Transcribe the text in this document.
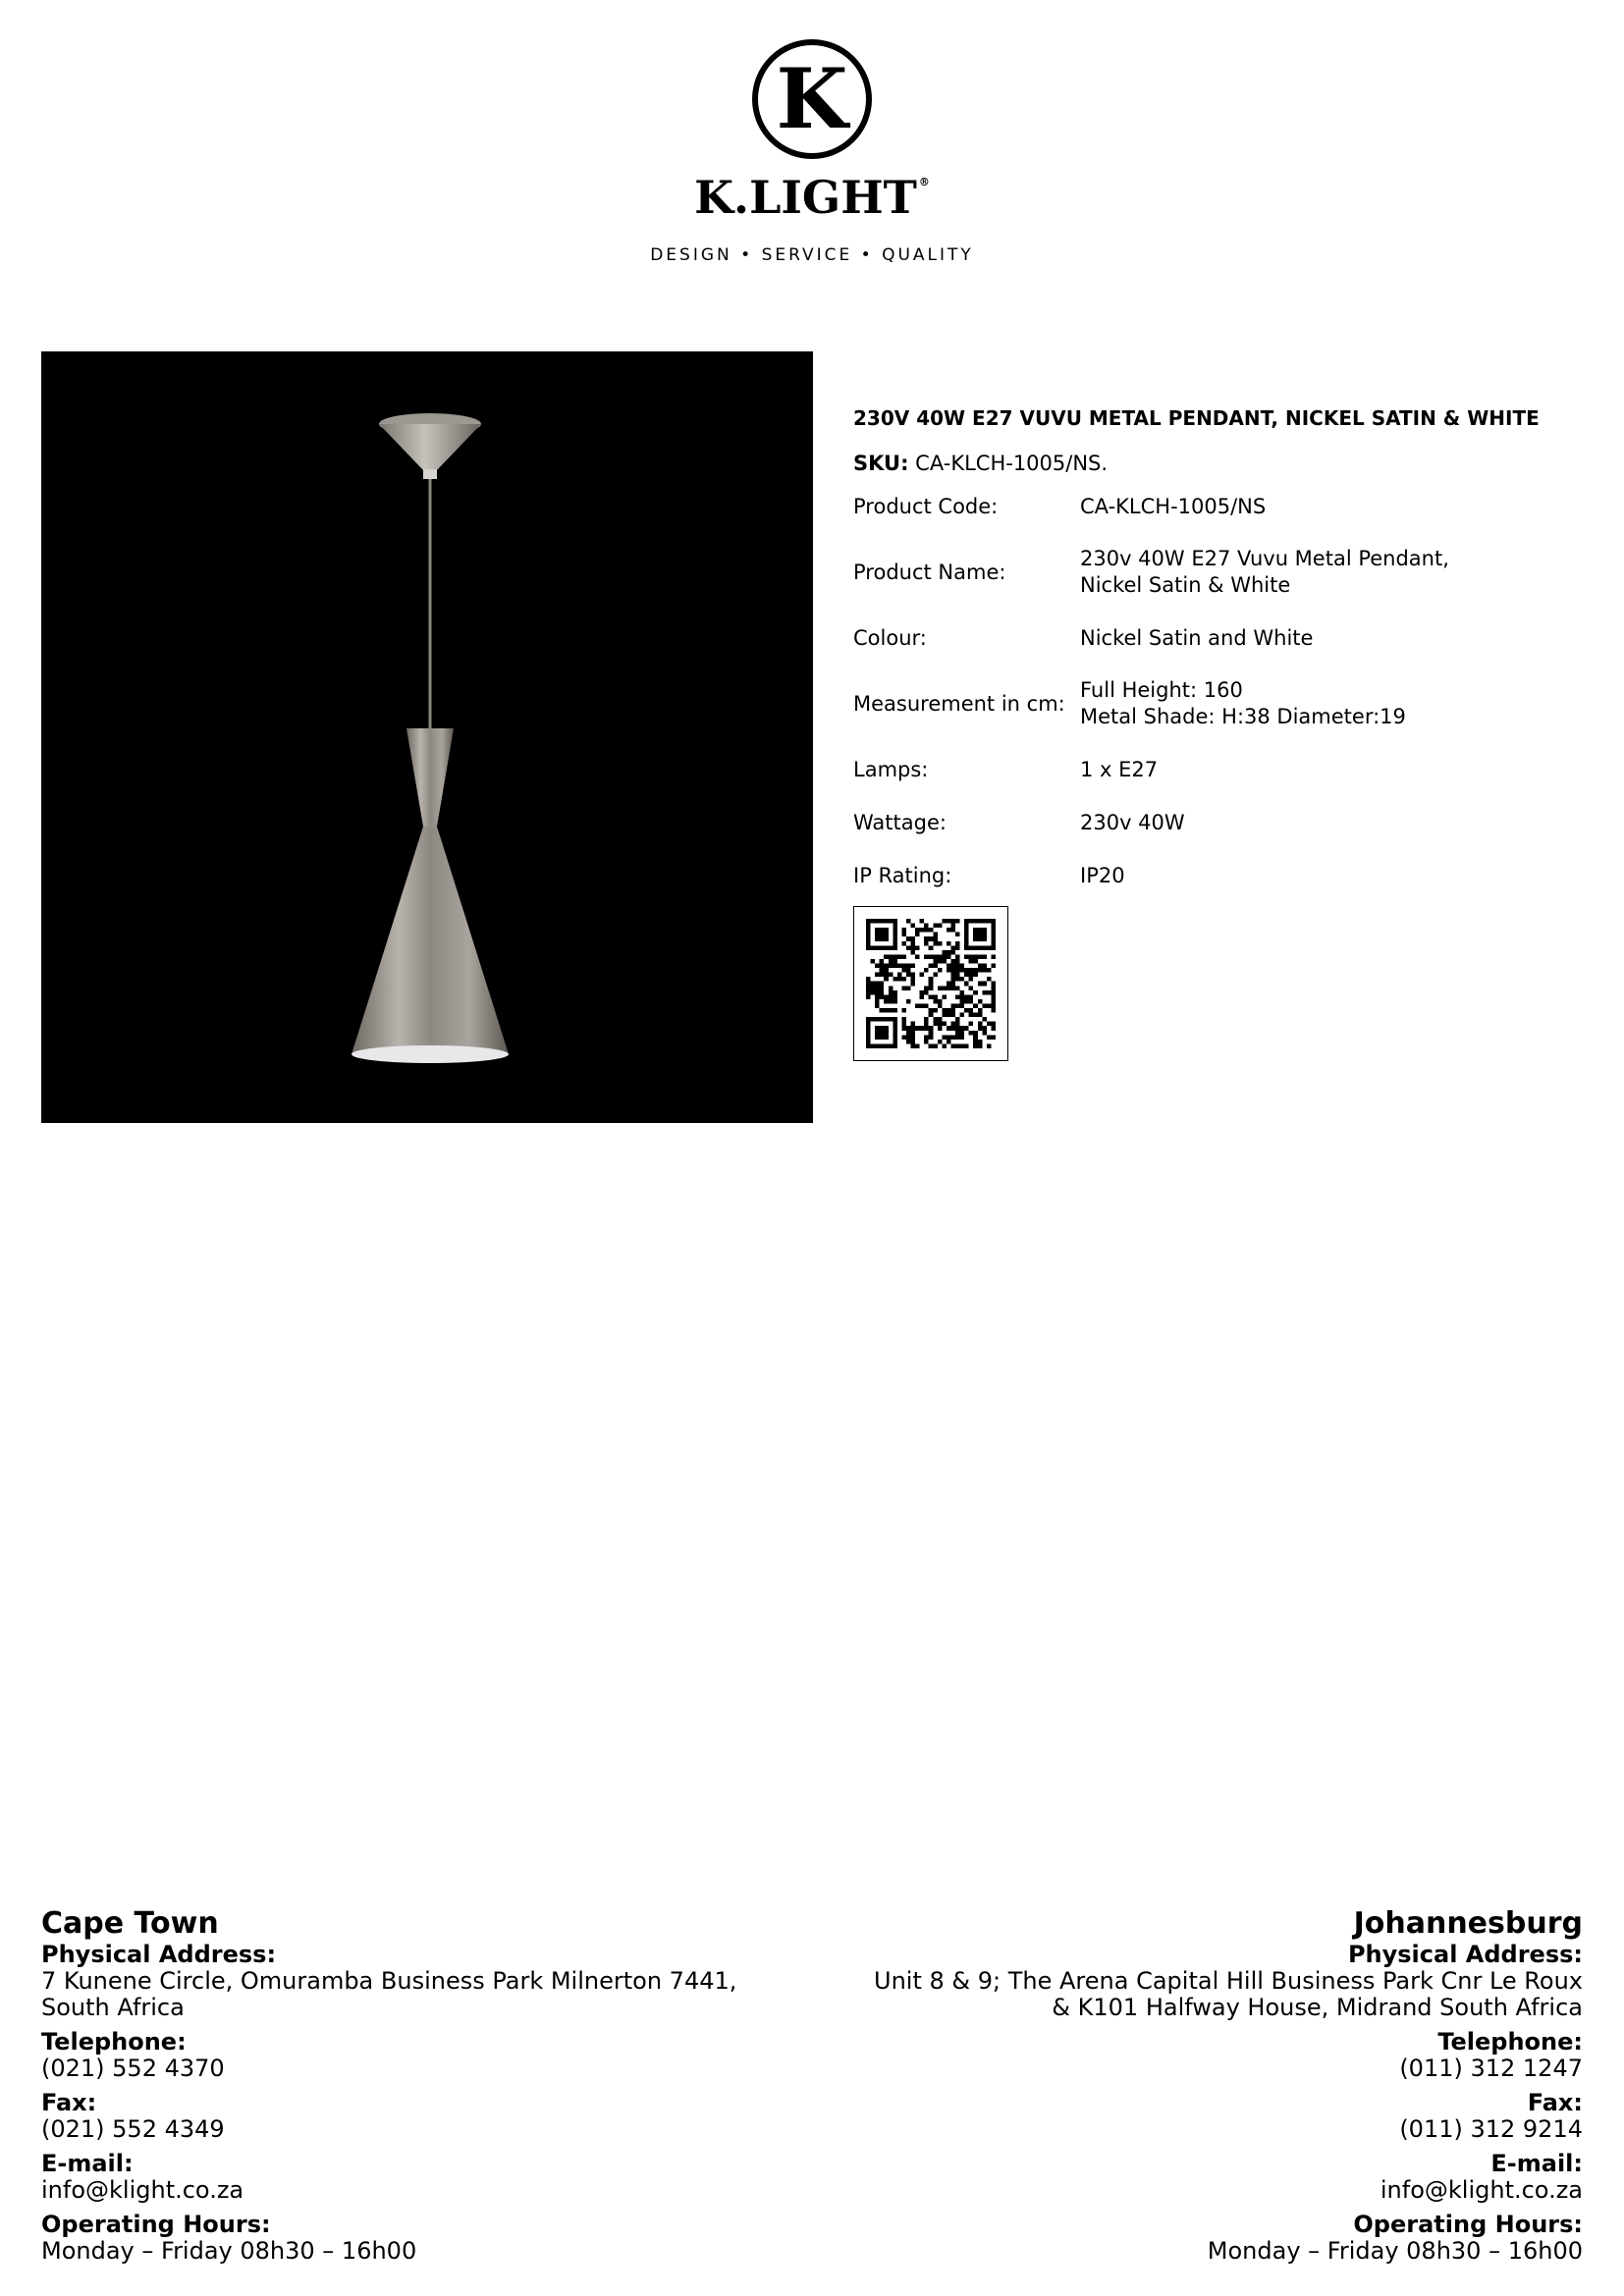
K
K.LIGHT ®
DESIGN • SERVICE • QUALITY
230V 40W E27 VUVU METAL PENDANT, NICKEL SATIN & WHITE
SKU: CA-KLCH-1005/NS.
Product Code:	CA-KLCH-1005/NS
Product Name:	230v 40W E27 Vuvu Metal Pendant,
Nickel Satin & White

Colour:	Nickel Satin and White
Measurement in cm:	Full Height: 160
Metal Shade: H:38 Diameter:19

Lamps:	1 x E27
Wattage:	230v 40W
IP Rating:	IP20
Cape Town
Physical Address:
7 Kunene Circle, Omuramba Business Park Milnerton 7441,
South Africa
Telephone:
(021) 552 4370
Fax:
(021) 552 4349
E-mail:
info@klight.co.za
Operating Hours:
Monday – Friday 08h30 – 16h00
Johannesburg
Physical Address:
Unit 8 & 9; The Arena Capital Hill Business Park Cnr Le Roux
& K101 Halfway House, Midrand South Africa
Telephone:
(011) 312 1247
Fax:
(011) 312 9214
E-mail:
info@klight.co.za
Operating Hours:
Monday – Friday 08h30 – 16h00
